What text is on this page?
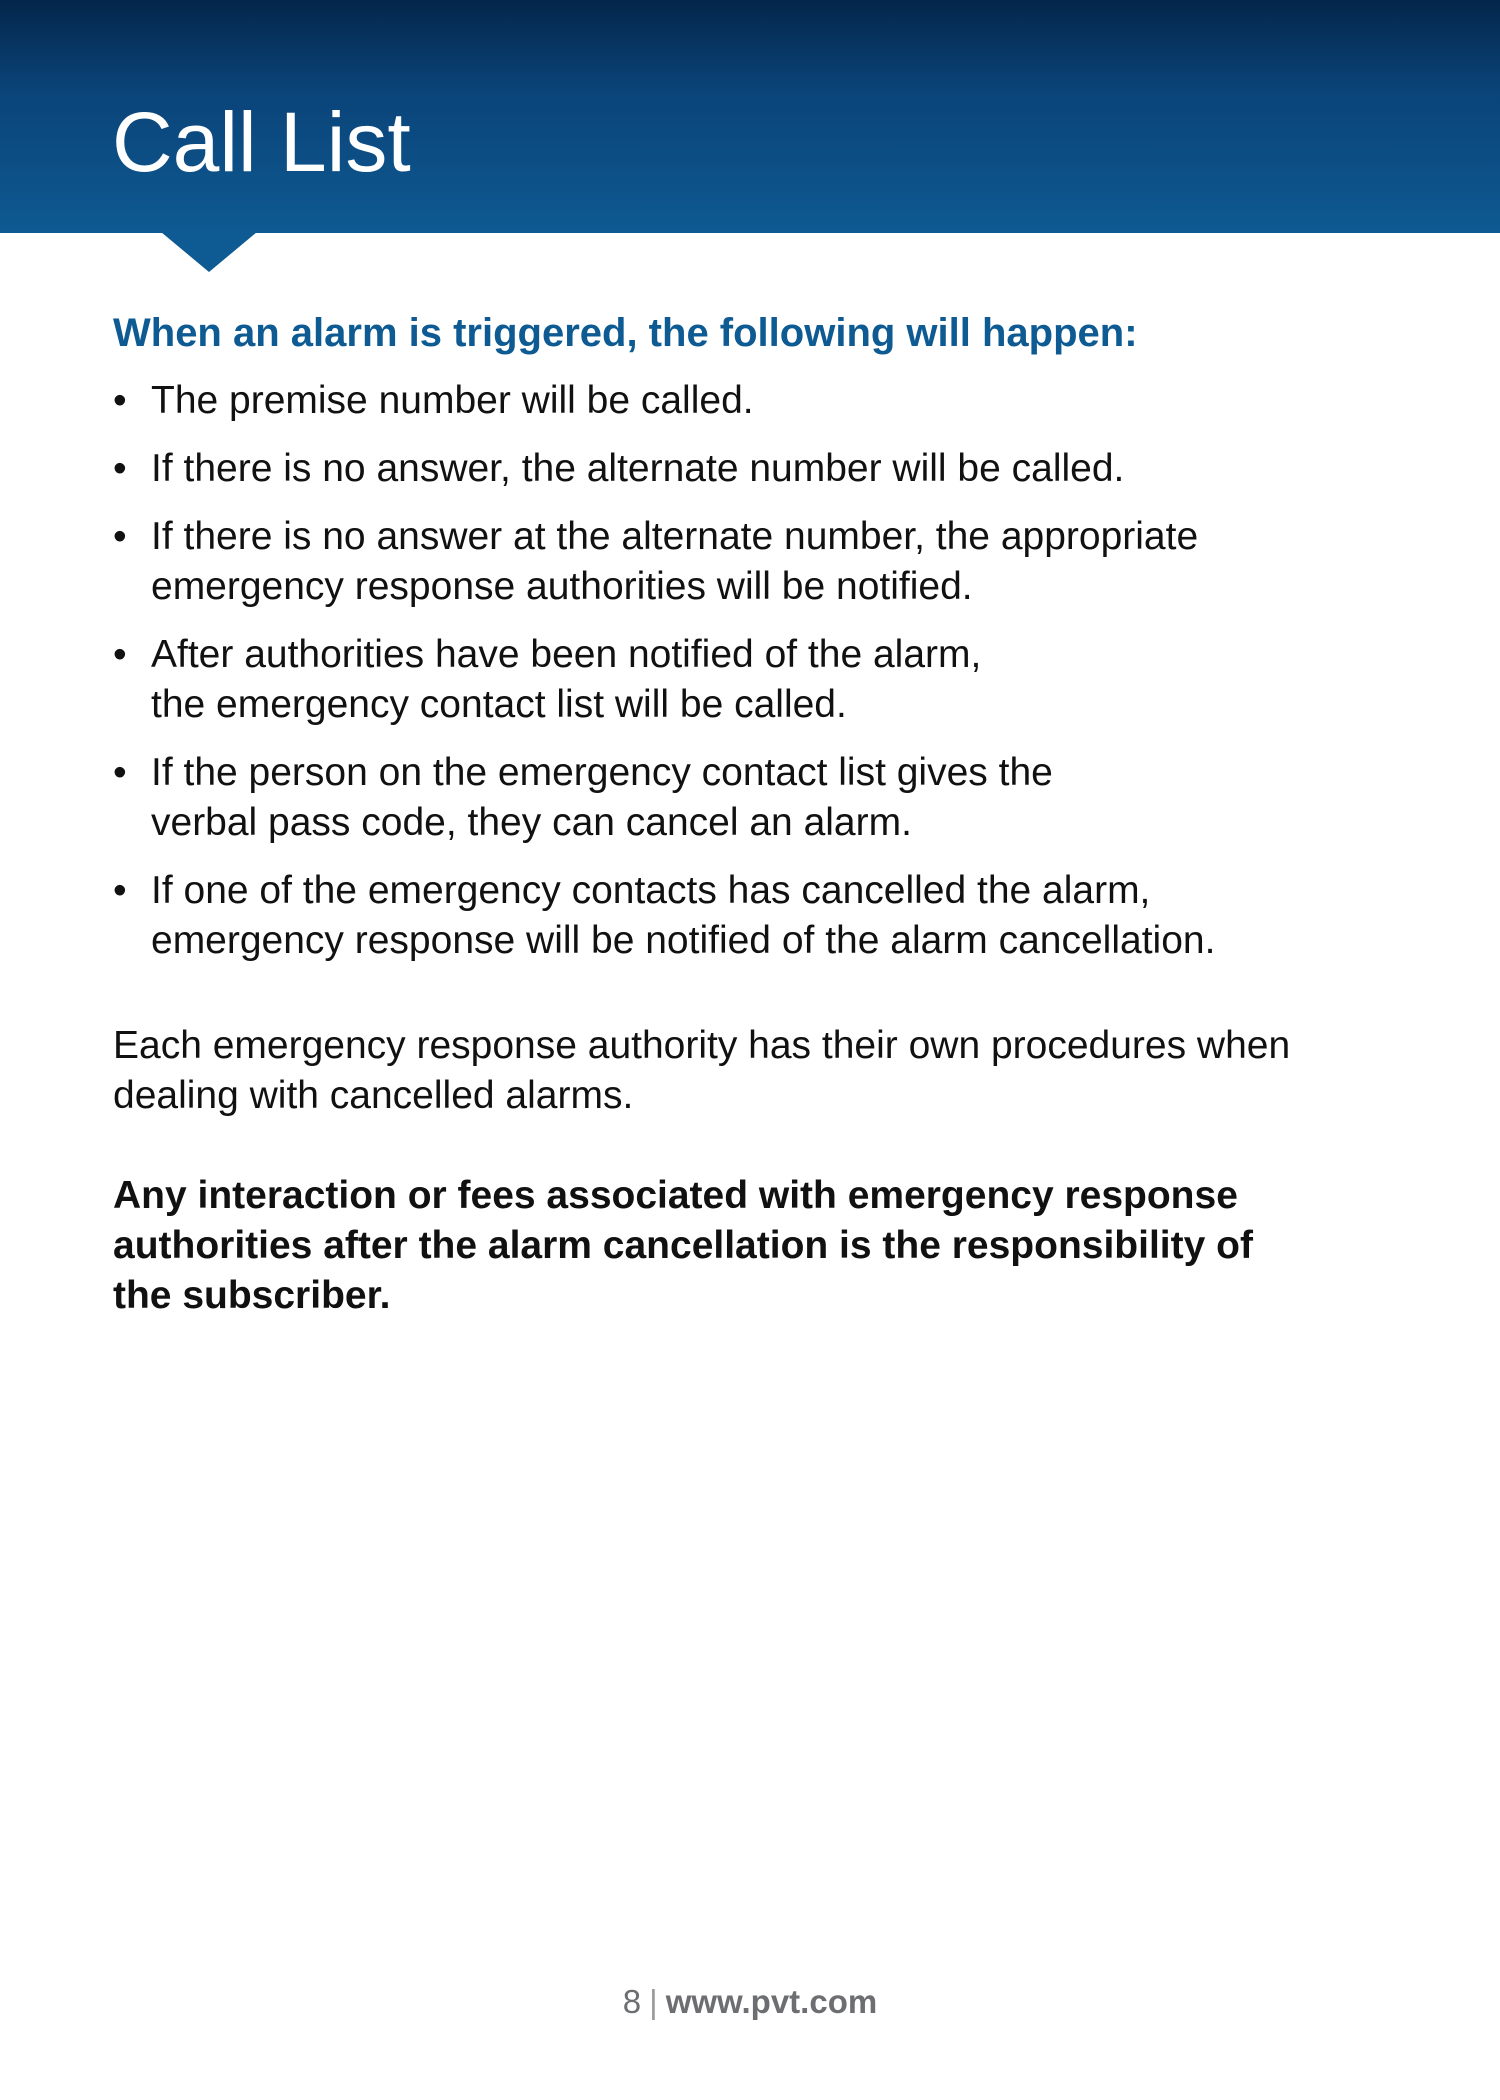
Call List
When an alarm is triggered, the following will happen:
• The premise number will be called.
• If there is no answer, the alternate number will be called.
• If there is no answer at the alternate number, the appropriate
emergency response authorities will be notified.
• After authorities have been notified of the alarm,
the emergency contact list will be called.
• If the person on the emergency contact list gives the
verbal pass code, they can cancel an alarm.
• If one of the emergency contacts has cancelled the alarm,
emergency response will be notified of the alarm cancellation.

Each emergency response authority has their own procedures when
dealing with cancelled alarms.

Any interaction or fees associated with emergency response
authorities after the alarm cancellation is the responsibility of
the subscriber.

8 | www.pvt.com
